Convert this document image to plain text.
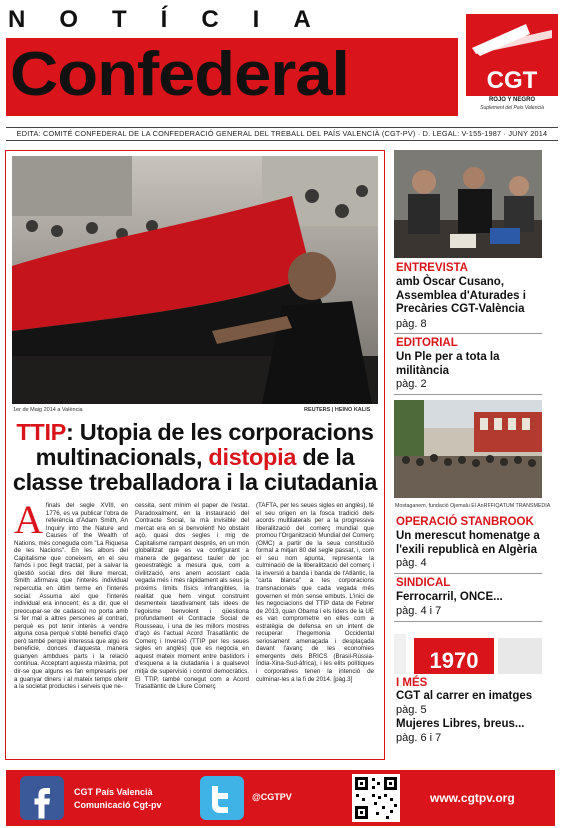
NOTÍCIA
Confederal	CGT
ROJO Y NEGRO
Suplement del País Valencià
EDITA: COMITÉ CONFEDERAL DE LA CONFEDERACIÓ GENERAL DEL TREBALL DEL PAÍS VALENCIÀ (CGT-PV) · D. LEGAL: V-155-1987 · JUNY 2014
1er de Maig 2014 a València	REUTERS | HEINO KALIS
TTIP: Utopia de les corporacions multinacionals, distopia de la classe treballadora i la ciutadania
Afinals del segle XVIII, en 1776, es va publicar l'obra de referència d'Adam Smith, An Inquiry into the Nature and Causes of the Wealth of Nations, més coneguda com "La Riquesa de les Nacions". En les albors del Capitalisme que coneixem, en el seu famós i poc llegit tractat, per a salvar la qüestió social dins del lliure mercat, Smith afirmava que l'interès individual repercutia en últim terme en l'interès social. Assuma així que l'interès individual era innocent; és a dir, que el preocupar-se de cadascú no porta amb si fer mal a altres persones al contrari, perquè es pot tenir interès a vendre alguna cosa perquè s'obté benefici d'açò però també perquè interessa que algú es beneficie, donces d'aquesta manera guanyen ambdues parts i la relació continua. Acceptant aquesta màxima, pot dir-se que alguns es fan empresaris per a guanyar diners i al mateix temps oferir a la societat productes i serveis que ne-
cessita, sent mínim el paper de l'estat. Paradoxalment, en la instauració del Contracte Social, la mà invisible del mercat era en si benvolent! No obstant açò, quasi dos segles i mig de Capitalisme rampant després, en un món globalitzat que es va configurant a manera de gegantesc tauler de joc geoestratègic a mesura que, com a civilització, ens anem acostant cada vegada més i més ràpidament als seus ja pròxims límits físics infrangibles, la realitat que hem vingut construint desmenteix taxativament tals idees de l'egoisme benvolent i qüestiona profundament el Contracte Social de Rousseau, i una de les millors mostres d'açò és l'actual Acord Trasatlàntic de Comerç i Inversió (TTIP per les seues sigles en anglès) que es negocia en aquest mateix moment entre bastidors i d'esquena a la ciutadania i a qualsevol mitjà de supervisió i control democràtics. El TTIP, també conegut com a Acord Trasatlàntic de Lliure Comerç
(TAFTA, per les seues sigles en anglès), té el seu origen en la fosca tradició dels acords multilaterals per a la progressiva liberalització del comerç mundial que promou l'Organització Mundial del Comerç (OMC) a partir de la seua constitució formal a mitjan 80 del segle passat, i, com el seu nom apunta, representa la culminació de la liberalització del comerç i la inversió a banda i banda de l'Atlàntic, la "carta blanca" a les corporacions transnacionals que cada vegada més governen el món sense embuts. L'inici de les negociacions del TTIP data de Febrer de 2013, quan Obama i els líders de la UE es van comprometre en elles com a estratègia de defensa en un intent de recuperar l'hegemonia Occidental seriosament amenaçada i desplaçada davant l'avanç de les economies emergents dels BRICS (Brasil-Rússia-Índia-Xina-Sud-àfrica), i les elits polítiques i corporatives tenen la intenció de culminar-les a la fi de 2014. [pàg.3]
ENTREVISTA
amb Òscar Cusano, Assemblea d'Aturades i Precàries CGT-València
pàg. 8
EDITORIAL
Un Ple per a tota la militància
pàg. 2
Mostaganem, fundació Ojemalu El AnRFFIQATUM TRANSMEDIA
OPERACIÓ STANBROOK
Un merescut homenatge a l'exili republicà en Algèria
pàg. 4
SINDICAL
Ferrocarril, ONCE...
pàg. 4 i 7
1970
I MÉS
CGT al carrer en imatges
pàg. 5
Mujeres Libres, breus...
pàg. 6 i 7
CGT País Valencià
Comunicació Cgt-pv
@CGTPV	www.cgtpv.org
